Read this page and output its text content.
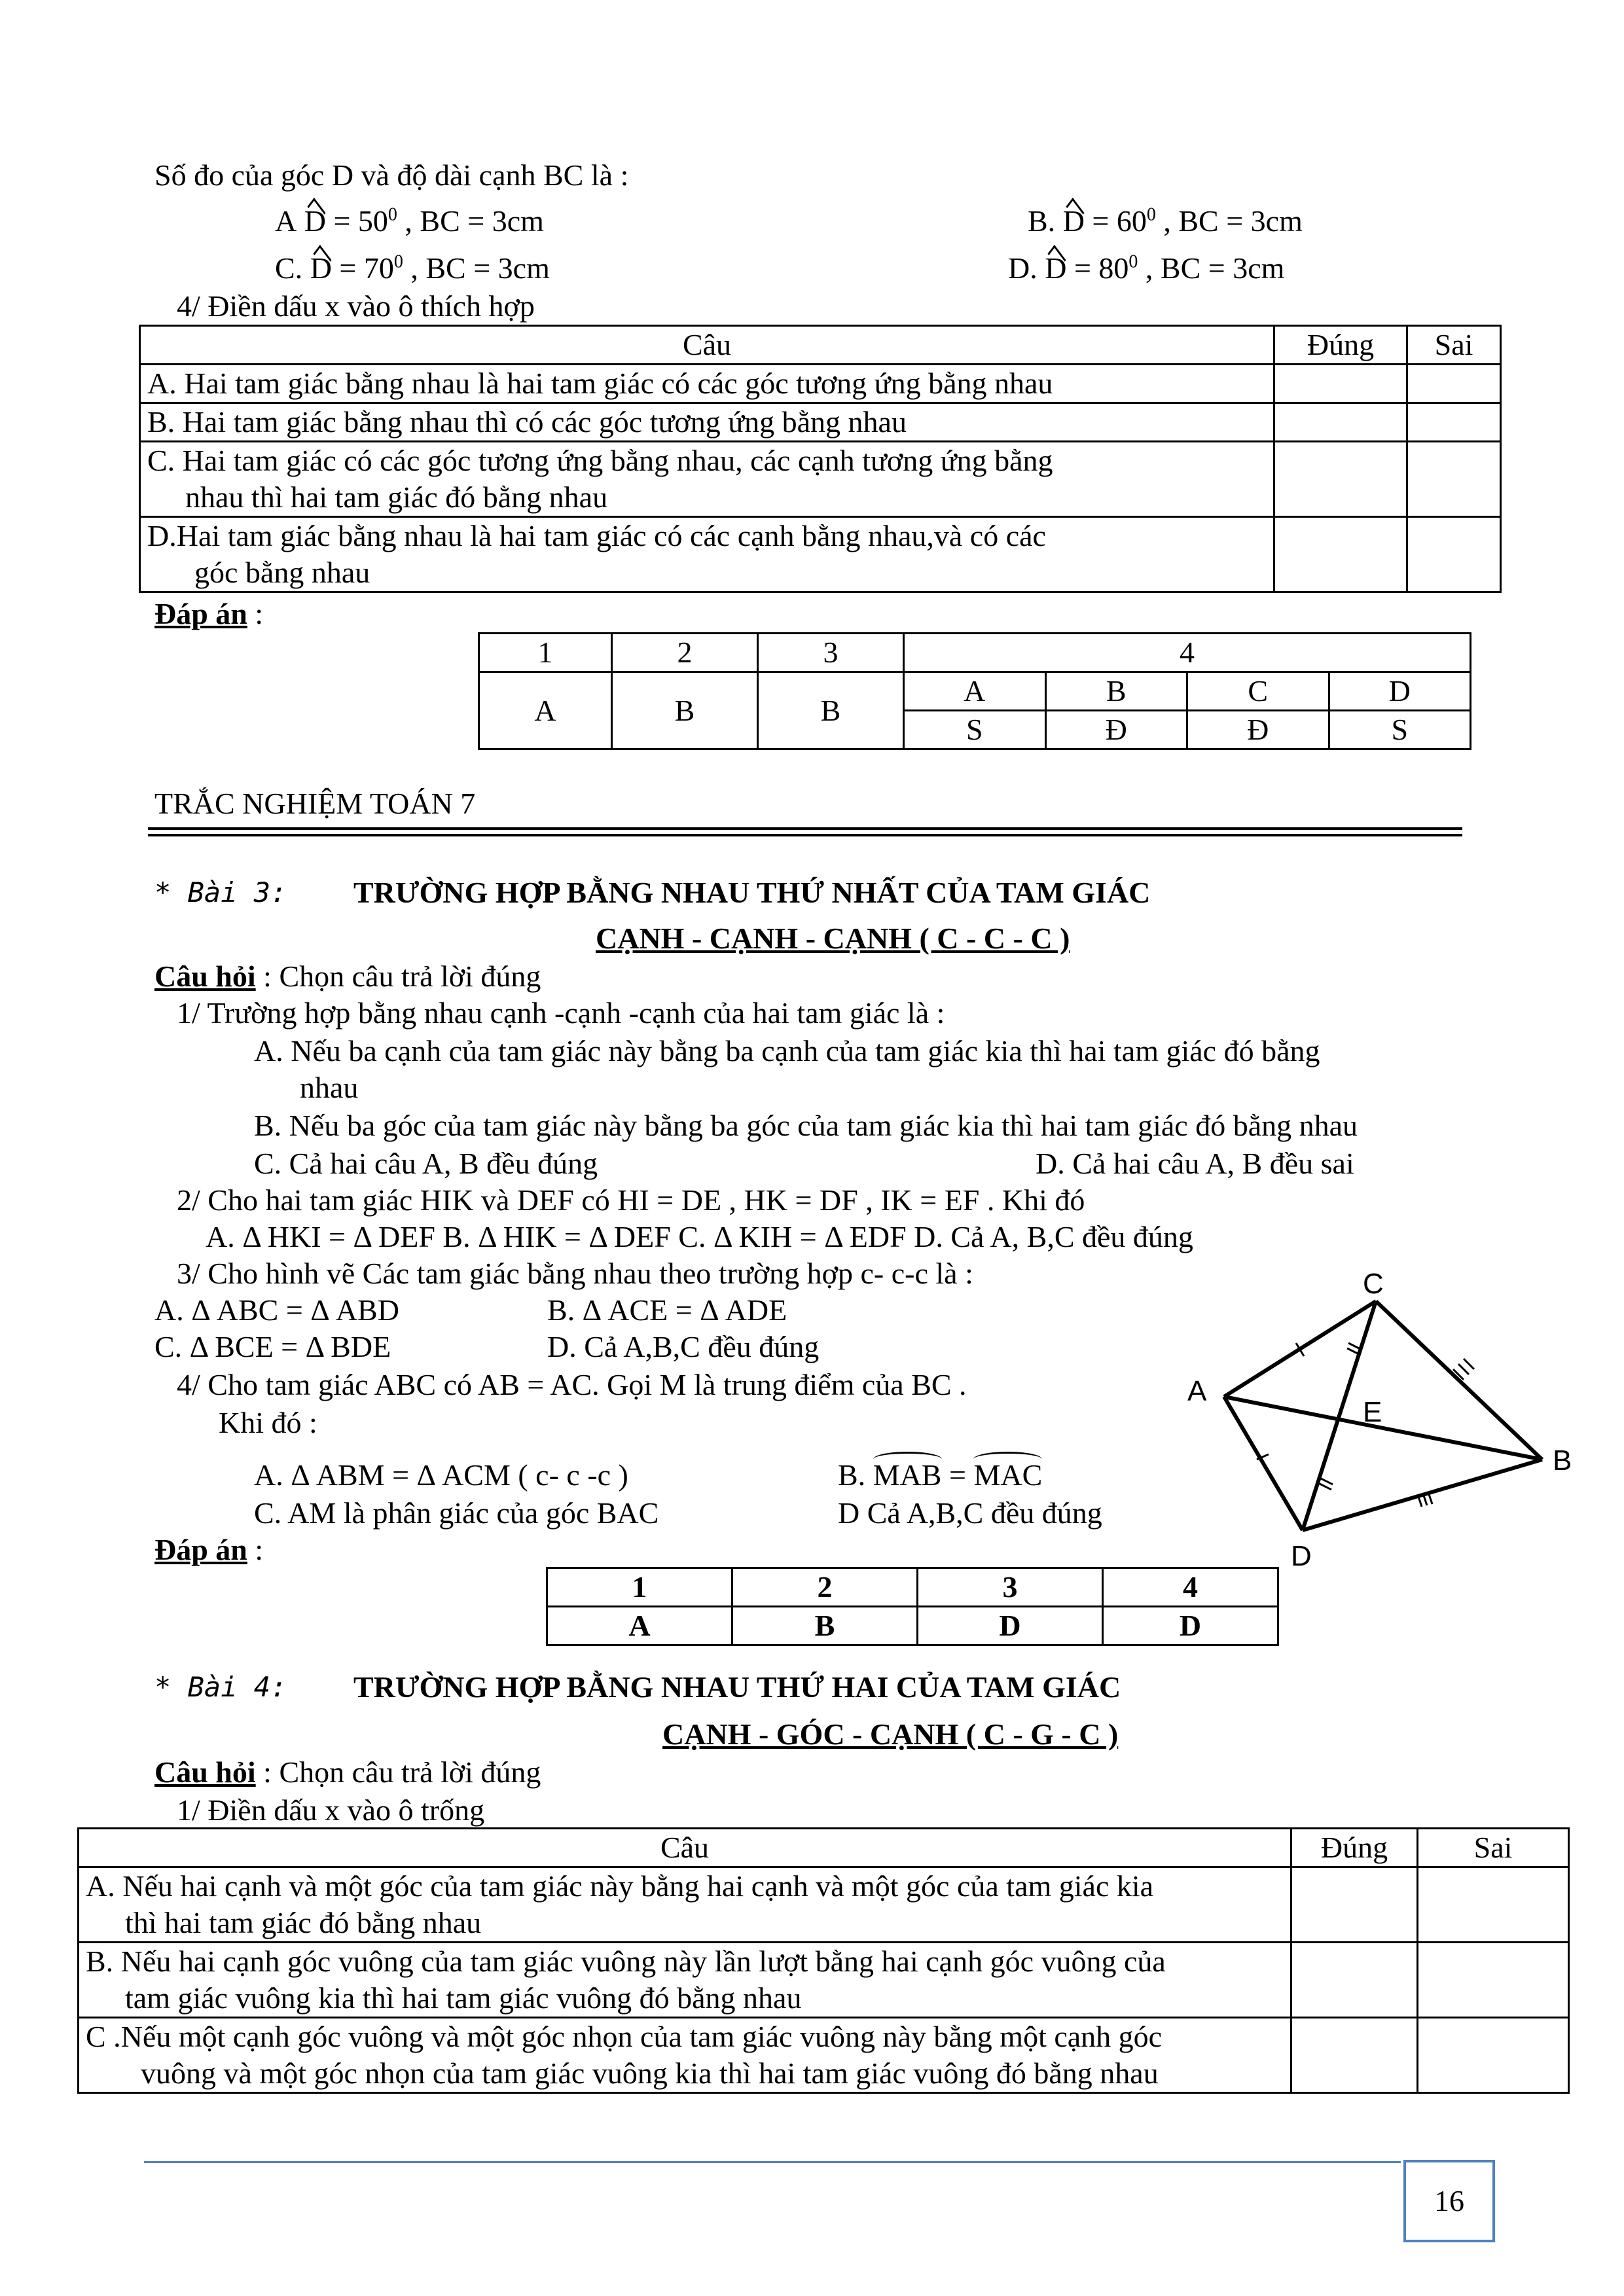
Số đo của góc D và độ dài cạnh BC là :
A $D = 50^0$ , BC = 3cm	B. $D = 60^0$ , BC = 3cm
C. $D = 70^0$ , BC = 3cm	D. $D = 80^0$ , BC = 3cm
4/ Điền dấu x vào ô thích hợp
Câu	Đúng	Sai
A. Hai tam giác bằng nhau là hai tam giác có các góc tương ứng bằng nhau		
B. Hai tam giác bằng nhau thì có các góc tương ứng bằng nhau		

C. Hai tam giác có các góc tương ứng bằng nhau, các cạnh tương ứng bằng
nhau thì hai tam giác đó bằng nhau		

D.Hai tam giác bằng nhau là hai tam giác có các cạnh bằng nhau,và có các
góc bằng nhau		

Đáp án :
1	2	3	4			
A	B	B	A	B	C	D
			S	Đ	Đ	S
TRẮC NGHIỆM TOÁN 7
* Bài 3: TRƯỜNG HỢP BẰNG NHAU THỨ NHẤT CỦA TAM GIÁC
CẠNH - CẠNH - CẠNH ( C - C - C )
Câu hỏi : Chọn câu trả lời đúng
1/ Trường hợp bằng nhau cạnh -cạnh -cạnh của hai tam giác là :
A. Nếu ba cạnh của tam giác này bằng ba cạnh của tam giác kia thì hai tam giác đó bằng
nhau
B. Nếu ba góc của tam giác này bằng ba góc của tam giác kia thì hai tam giác đó bằng nhau
C. Cả hai câu A, B đều đúng	D. Cả hai câu A, B đều sai
2/ Cho hai tam giác HIK và DEF có HI = DE , HK = DF , IK = EF . Khi đó
A. Δ HKI = Δ DEF B. Δ HIK = Δ DEF C. Δ KIH = Δ EDF D. Cả A, B,C đều đúng
3/ Cho hình vẽ Các tam giác bằng nhau theo trường hợp c- c-c là :
A. Δ ABC = Δ ABD	B. Δ ACE = Δ ADE
C. Δ BCE = Δ BDE	D. Cả A,B,C đều đúng
4/ Cho tam giác ABC có AB = AC. Gọi M là trung điểm của BC .
Khi đó :
A. Δ ABM = Δ ACM ( c- c -c )	B. MAB = MAC
C. AM là phân giác của góc BAC	D Cả A,B,C đều đúng
Đáp án :
1	2	3	4
A	B	D	D
C
A
E
B
D
* Bài 4: TRƯỜNG HỢP BẰNG NHAU THỨ HAI CỦA TAM GIÁC
CẠNH - GÓC - CẠNH ( C - G - C )
Câu hỏi : Chọn câu trả lời đúng
1/ Điền dấu x vào ô trống
Câu	Đúng	Sai

A. Nếu hai cạnh và một góc của tam giác này bằng hai cạnh và một góc của tam giác kia
thì hai tam giác đó bằng nhau		

B. Nếu hai cạnh góc vuông của tam giác vuông này lần lượt bằng hai cạnh góc vuông của
tam giác vuông kia thì hai tam giác vuông đó bằng nhau		

C .Nếu một cạnh góc vuông và một góc nhọn của tam giác vuông này bằng một cạnh góc
vuông và một góc nhọn của tam giác vuông kia thì hai tam giác vuông đó bằng nhau		

16
